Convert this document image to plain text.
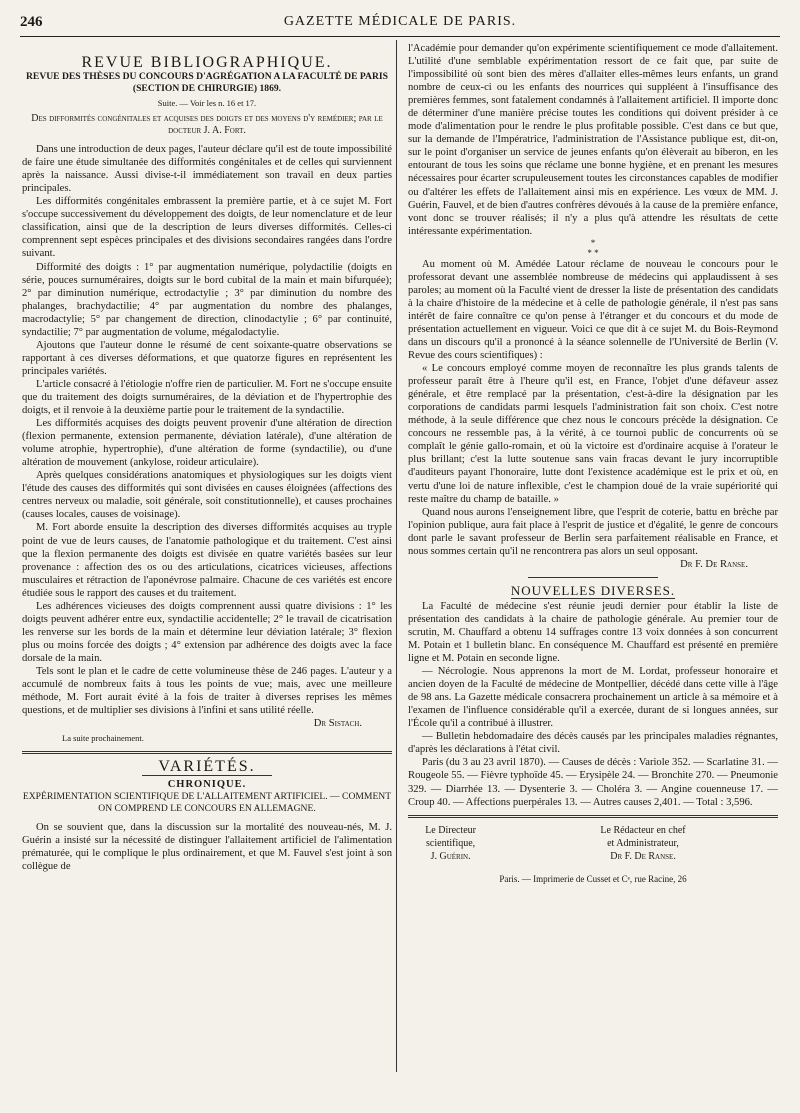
246	GAZETTE MÉDICALE DE PARIS.
REVUE BIBLIOGRAPHIQUE.
REVUE DES THÈSES DU CONCOURS D'AGRÉGATION A LA FACULTÉ DE PARIS (SECTION DE CHIRURGIE) 1869.
Suite. — Voir les n. 16 et 17.
Des difformités congénitales et acquises des doigts et des moyens d'y remédier; par le docteur J. A. Fort.

Dans une introduction de deux pages, l'auteur déclare qu'il est de toute impossibilité de faire une étude simultanée des difformités congénitales et de celles qui surviennent après la naissance. Aussi divise-t-il immédiatement son travail en deux parties principales.

Les difformités congénitales embrassent la première partie, et à ce sujet M. Fort s'occupe successivement du développement des doigts, de leur nomenclature et de leur classification, ainsi que de la description de leurs diverses difformités. Celles-ci comprennent sept espèces principales et des divisions secondaires rangées dans l'ordre suivant.

Difformité des doigts : 1° par augmentation numérique, polydactilie (doigts en série, pouces surnuméraires, doigts sur le bord cubital de la main et main bifurquée); 2° par diminution numérique, ectrodactylie ; 3° par diminution du nombre des phalanges, brachydactilie; 4° par augmentation du nombre des phalanges, macrodactylie; 5° par changement de direction, clinodactylie ; 6° par continuité, syndactilie; 7° par augmentation de volume, mégalodactylie.

Ajoutons que l'auteur donne le résumé de cent soixante-quatre observations se rapportant à ces diverses déformations, et que quatorze figures en représentent les principales variétés.

L'article consacré à l'étiologie n'offre rien de particulier. M. Fort ne s'occupe ensuite que du traitement des doigts surnuméraires, de la déviation et de l'hypertrophie des doigts, et il renvoie à la deuxième partie pour le traitement de la syndactilie.

Les difformités acquises des doigts peuvent provenir d'une altération de direction (flexion permanente, extension permanente, déviation latérale), d'une altération de volume atrophie, hypertrophie), d'une altération de forme (syndactilie), ou d'une altération de mouvement (ankylose, roideur articulaire).

Après quelques considérations anatomiques et physiologiques sur les doigts vient l'étude des causes des difformités qui sont divisées en causes éloignées (affections des centres nerveux ou maladie, soit générale, soit constitutionnelle), et causes prochaines (causes locales, causes de voisinage).

M. Fort aborde ensuite la description des diverses difformités acquises au tryple point de vue de leurs causes, de l'anatomie pathologique et du traitement. C'est ainsi que la flexion permanente des doigts est divisée en quatre variétés basées sur leur provenance : affection des os ou des articulations, cicatrices vicieuses, affections musculaires et rétraction de l'aponévrose palmaire. Chacune de ces variétés est encore étudiée sous le rapport des causes et du traitement.

Les adhérences vicieuses des doigts comprennent aussi quatre divisions : 1° les doigts peuvent adhérer entre eux, syndactilie accidentelle; 2° le travail de cicatrisation les renverse sur les bords de la main et détermine leur déviation latérale; 3° flexion plus ou moins forcée des doigts ; 4° extension par adhérence des doigts avec la face dorsale de la main.

Tels sont le plan et le cadre de cette volumineuse thèse de 246 pages. L'auteur y a accumulé de nombreux faits à tous les points de vue; mais, avec une meilleure méthode, M. Fort aurait évité à la fois de traiter à diverses reprises les mêmes questions, et de multiplier ses divisions à l'infini et sans utilité réelle.

Dr Sistach.

La suite prochainement.

VARIÉTÉS.
CHRONIQUE.
EXPÉRIMENTATION SCIENTIFIQUE DE L'ALLAITEMENT ARTIFICIEL. — COMMENT ON COMPREND LE CONCOURS EN ALLEMAGNE.

On se souvient que, dans la discussion sur la mortalité des nouveau-nés, M. J. Guérin a insisté sur la nécessité de distinguer l'allaitement artificiel de l'alimentation prématurée, qui le complique le plus ordinairement, et que M. Fauvel s'est joint à son collègue de

l'Académie pour demander qu'on expérimente scientifiquement ce mode d'allaitement. L'utilité d'une semblable expérimentation ressort de ce fait que, par suite de l'impossibilité où sont bien des mères d'allaiter elles-mêmes leurs enfants, un grand nombre de ceux-ci ou les enfants des nourrices qui suppléent à l'insuffisance des premières femmes, sont fatalement condamnés à l'allaitement artificiel. Il importe donc de déterminer d'une manière précise toutes les conditions qui doivent présider à ce mode d'alimentation pour le rendre le plus profitable possible. C'est dans ce but que, sur la demande de l'Impératrice, l'administration de l'Assistance publique est, dit-on, sur le point d'organiser un service de jeunes enfants qu'on élèverait au biberon, en les entourant de tous les soins que réclame une bonne hygiène, et en prenant les mesures nécessaires pour écarter scrupuleusement toutes les circonstances capables de modifier ou d'altérer les effets de l'allaitement ainsi mis en expérience. Les vœux de MM. J. Guérin, Fauvel, et de bien d'autres confrères dévoués à la cause de la première enfance, vont donc se trouver réalisés; il n'y a plus qu'à attendre les résultats de cette intéressante expérimentation.

*
* *

Au moment où M. Amédée Latour réclame de nouveau le concours pour le professorat devant une assemblée nombreuse de médecins qui applaudissent à ses paroles; au moment où la Faculté vient de dresser la liste de présentation des candidats à la chaire d'histoire de la médecine et à celle de pathologie générale, il n'est pas sans intérêt de faire connaître ce qu'on pense à l'étranger et du concours et du mode de présentation actuellement en vigueur. Voici ce que dit à ce sujet M. du Bois-Reymond dans un discours qu'il a prononcé à la séance solennelle de l'Université de Berlin (V. Revue des cours scientifiques) :

« Le concours employé comme moyen de reconnaître les plus grands talents de professeur paraît être à l'heure qu'il est, en France, l'objet d'une défaveur assez générale, et être remplacé par la présentation, c'est-à-dire la désignation par les corporations de candidats parmi lesquels l'administration fait son choix. C'est notre méthode, à la seule différence que chez nous le concours précède la désignation. Ce concours ne ressemble pas, à la vérité, à ce tournoi public de concurrents où se complaît le génie gallo-romain, et où la victoire est d'ordinaire acquise à l'orateur le plus brillant; c'est la lutte soutenue sans vain fracas devant le jury incorruptible d'auditeurs payant l'honoraire, lutte dont l'existence académique est le prix et où, en vertu d'une loi de nature inflexible, c'est le champion doué de la vraie supériorité qui reste maître du champ de bataille. »

Quand nous aurons l'enseignement libre, que l'esprit de coterie, battu en brèche par l'opinion publique, aura fait place à l'esprit de justice et d'égalité, le genre de concours dont parle le savant professeur de Berlin sera parfaitement réalisable en France, et nous sommes certain qu'il ne rencontrera pas alors un seul opposant.

Dr F. De Ranse.

NOUVELLES DIVERSES.

La Faculté de médecine s'est réunie jeudi dernier pour établir la liste de présentation des candidats à la chaire de pathologie générale. Au premier tour de scrutin, M. Chauffard a obtenu 14 suffrages contre 13 voix données à son concurrent M. Potain et 1 bulletin blanc. En conséquence M. Chauffard est présenté en première ligne et M. Potain en seconde ligne.

— Nécrologie. Nous apprenons la mort de M. Lordat, professeur honoraire et ancien doyen de la Faculté de médecine de Montpellier, décédé dans cette ville à l'âge de 98 ans. La Gazette médicale consacrera prochainement un article à sa mémoire et à l'examen de l'influence considérable qu'il a exercée, durant de si longues années, sur l'École qu'il a contribué à illustrer.

— Bulletin hebdomadaire des décès causés par les principales maladies régnantes, d'après les déclarations à l'état civil.

Paris (du 3 au 23 avril 1870). — Causes de décès : Variole 352. — Scarlatine 31. — Rougeole 55. — Fièvre typhoïde 45. — Erysipèle 24. — Bronchite 270. — Pneumonie 329. — Diarrhée 13. — Dysenterie 3. — Choléra 3. — Angine couenneuse 17. — Croup 40. — Affections puerpérales 13. — Autres causes 2,401. — Total : 3,596.

Le Directeur scientifique,
J. Guérin.
Le Rédacteur en chef et Administrateur,
Dr F. De Ranse.
Paris. — Imprimerie de Cusset et Cᵉ, rue Racine, 26
